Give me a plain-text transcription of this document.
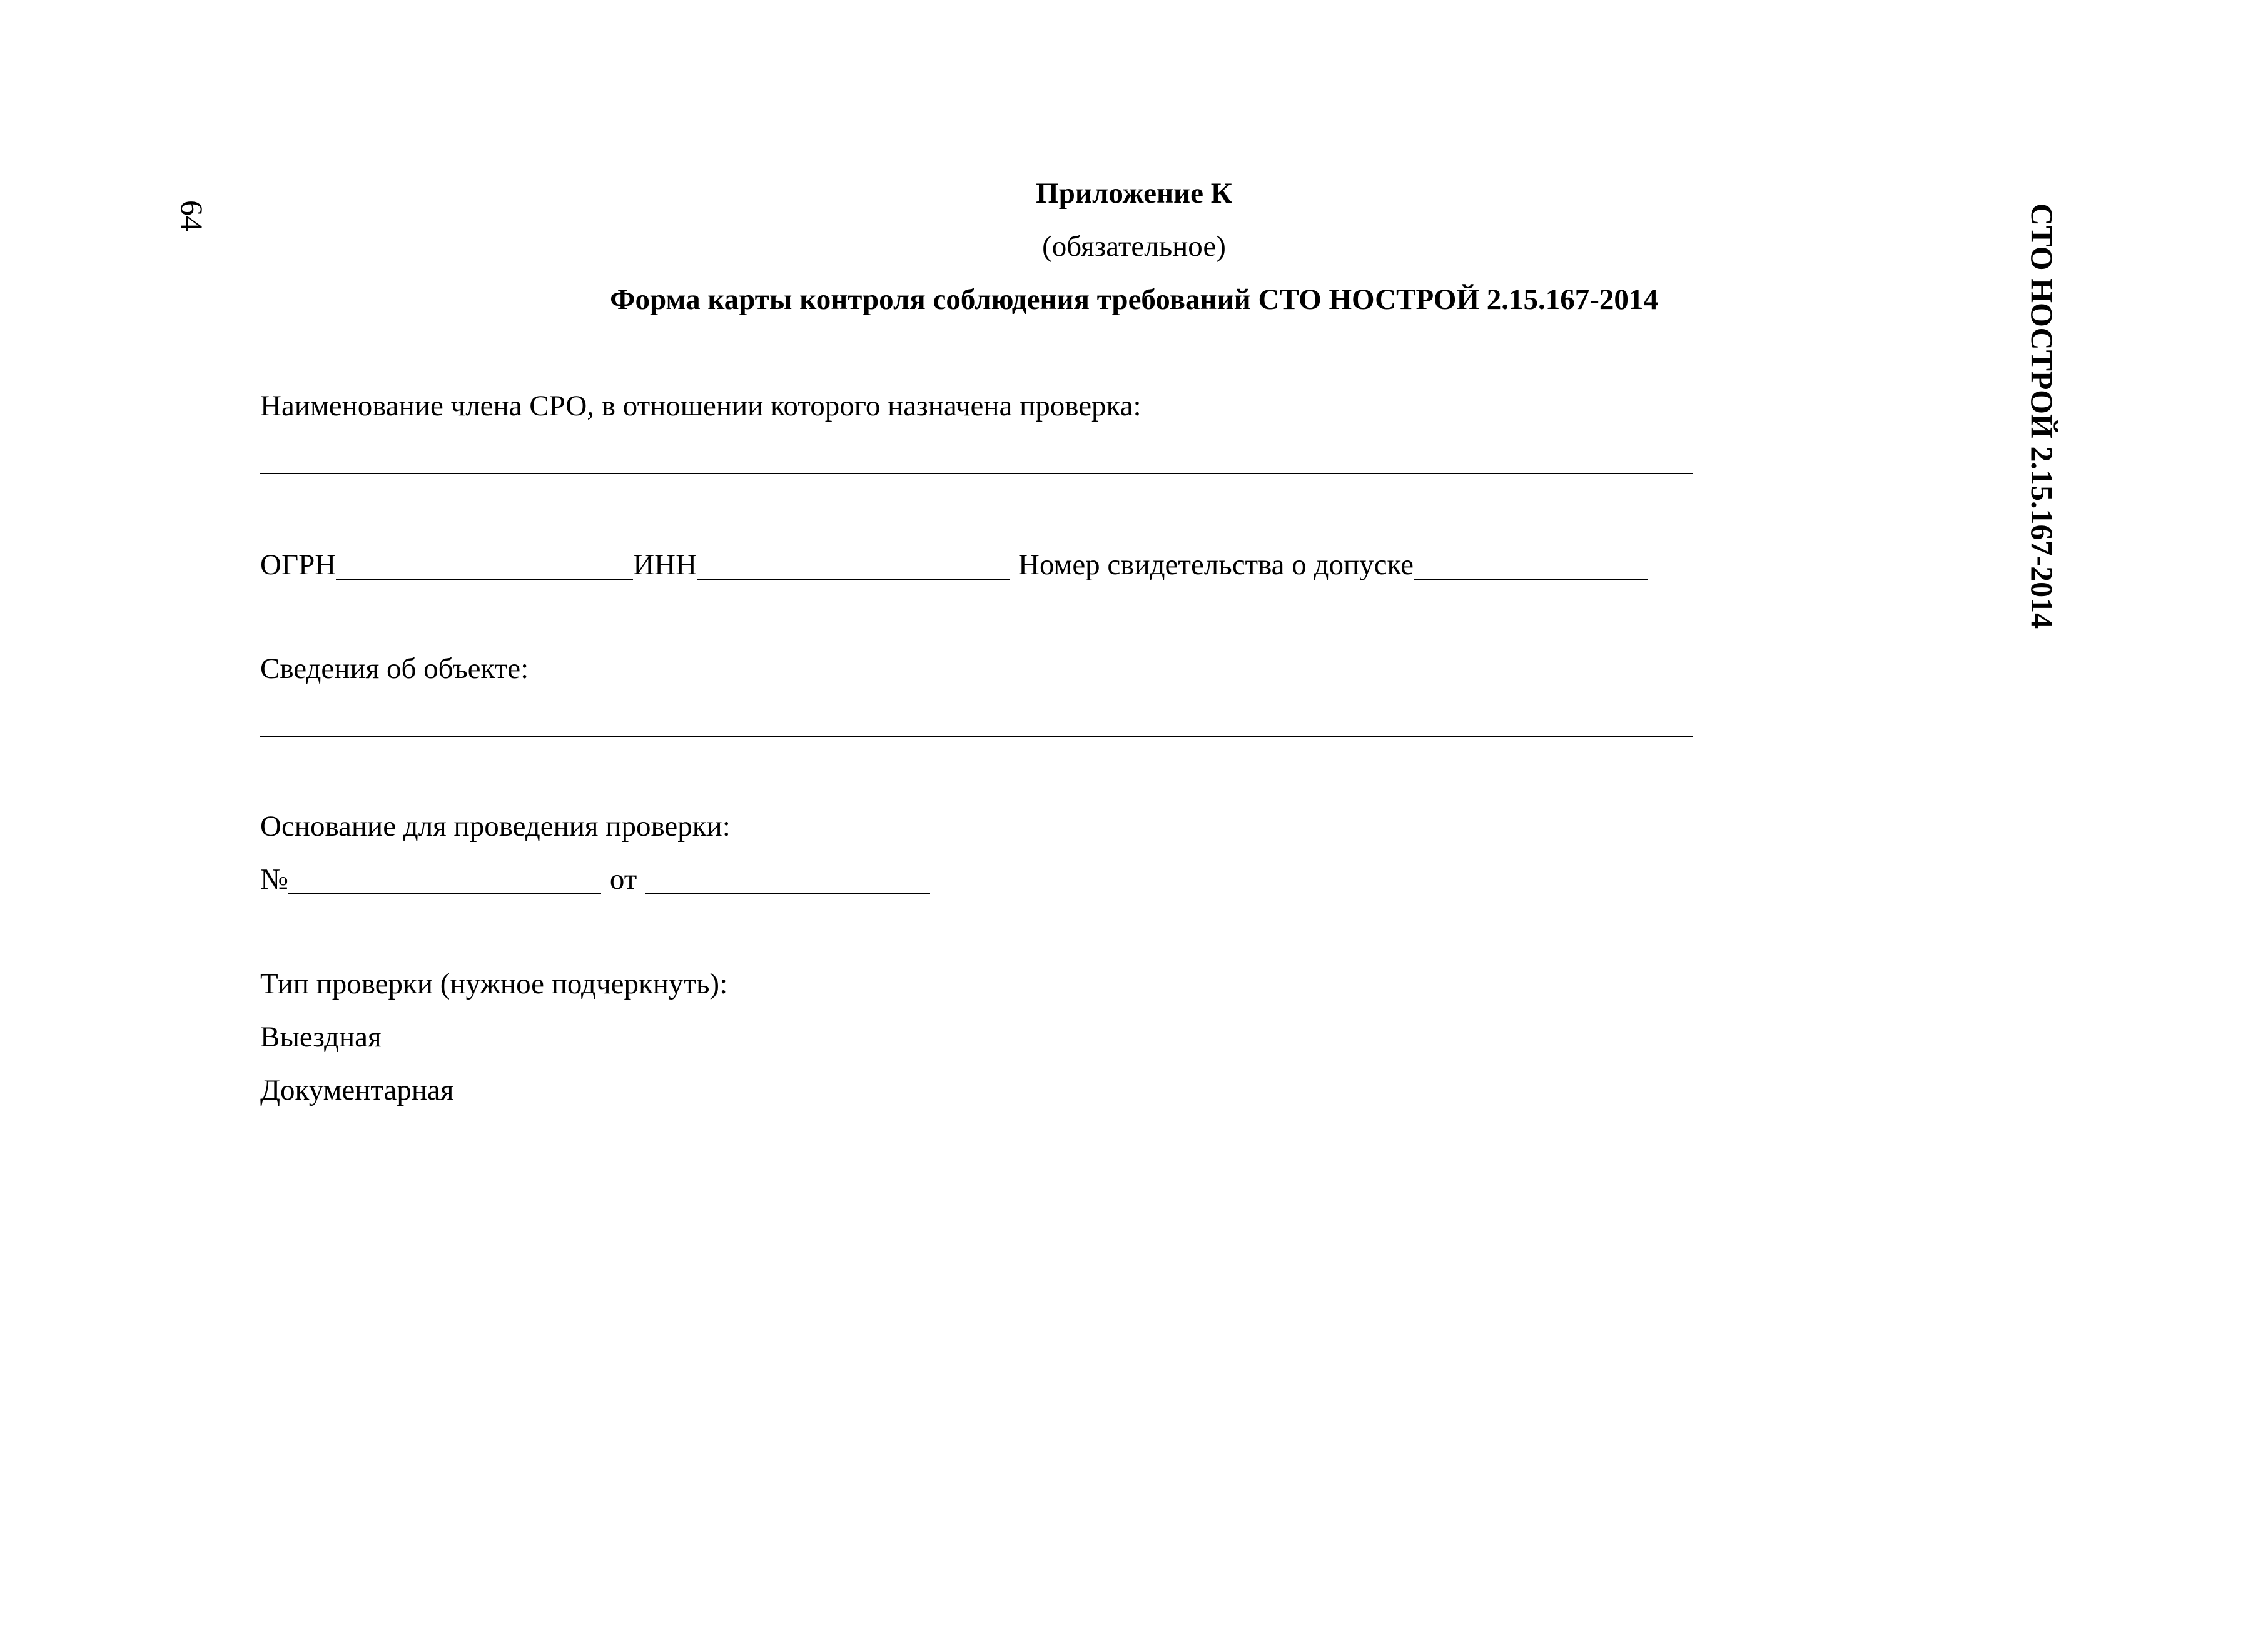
64	СТО НОСТРОЙ 2.15.167-2014
Приложение К
(обязательное)
Форма карты контроля соблюдения требований СТО НОСТРОЙ 2.15.167-2014
Наименование члена СРО, в отношении которого назначена проверка:
ОГРН	ИНН	Номер свидетельства о допуске
Сведения об объекте:
Основание для проведения проверки:
№	от
Тип проверки (нужное подчеркнуть):
Выездная
Документарная
